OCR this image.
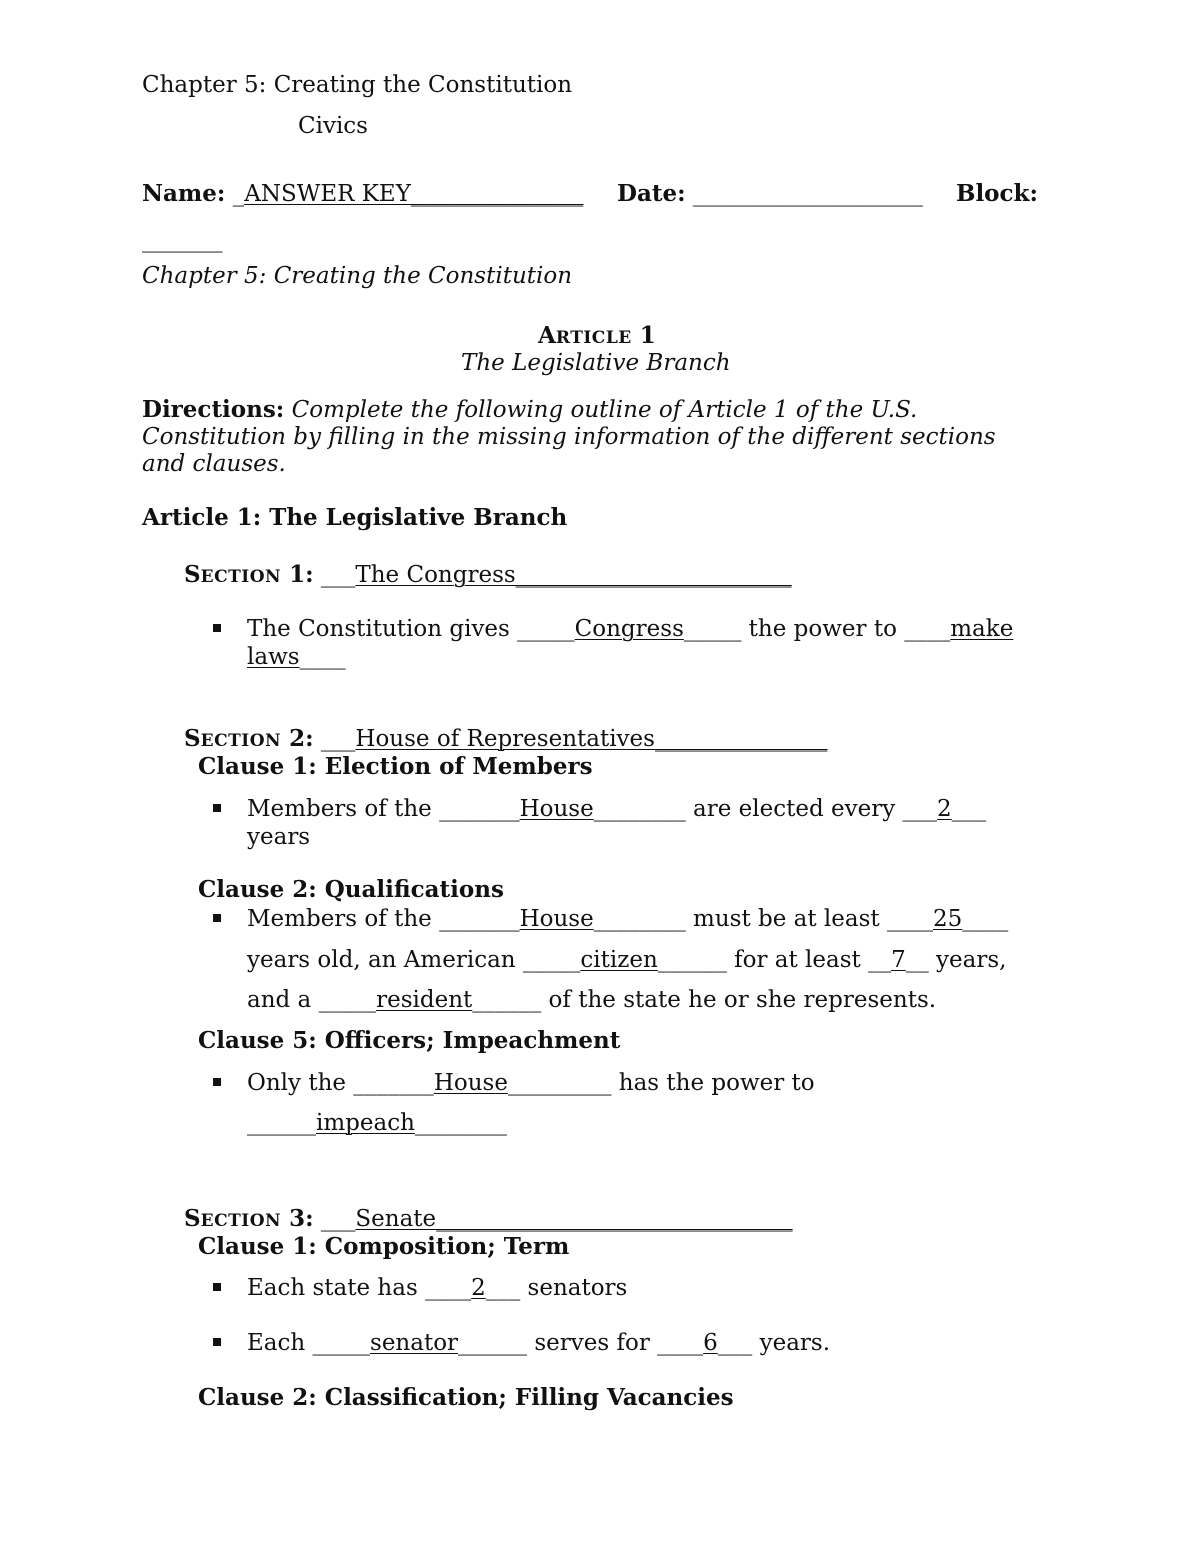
Chapter 5: Creating the Constitution
Civics
Name: _ANSWER KEY_______________ Date: ____________________ Block:
_______
Chapter 5: Creating the Constitution
ARTICLE 1
The Legislative Branch
Directions: Complete the following outline of Article 1 of the U.S.
Constitution by filling in the missing information of the different sections
and clauses.
Article 1: The Legislative Branch
SECTION 1: ___The Congress________________________
The Constitution gives _____Congress_____ the power to ____make
laws____
SECTION 2: ___House of Representatives_______________
Clause 1: Election of Members
Members of the _______House________ are elected every ___2___
years
Clause 2: Qualifications
Members of the _______House________ must be at least ____25____
years old, an American _____citizen______ for at least __7__ years,
and a _____resident______ of the state he or she represents.
Clause 5: Officers; Impeachment
Only the _______House_________ has the power to
______impeach________
SECTION 3: ___Senate_______________________________
Clause 1: Composition; Term
Each state has ____2___ senators
Each _____senator______ serves for ____6___ years.
Clause 2: Classification; Filling Vacancies
